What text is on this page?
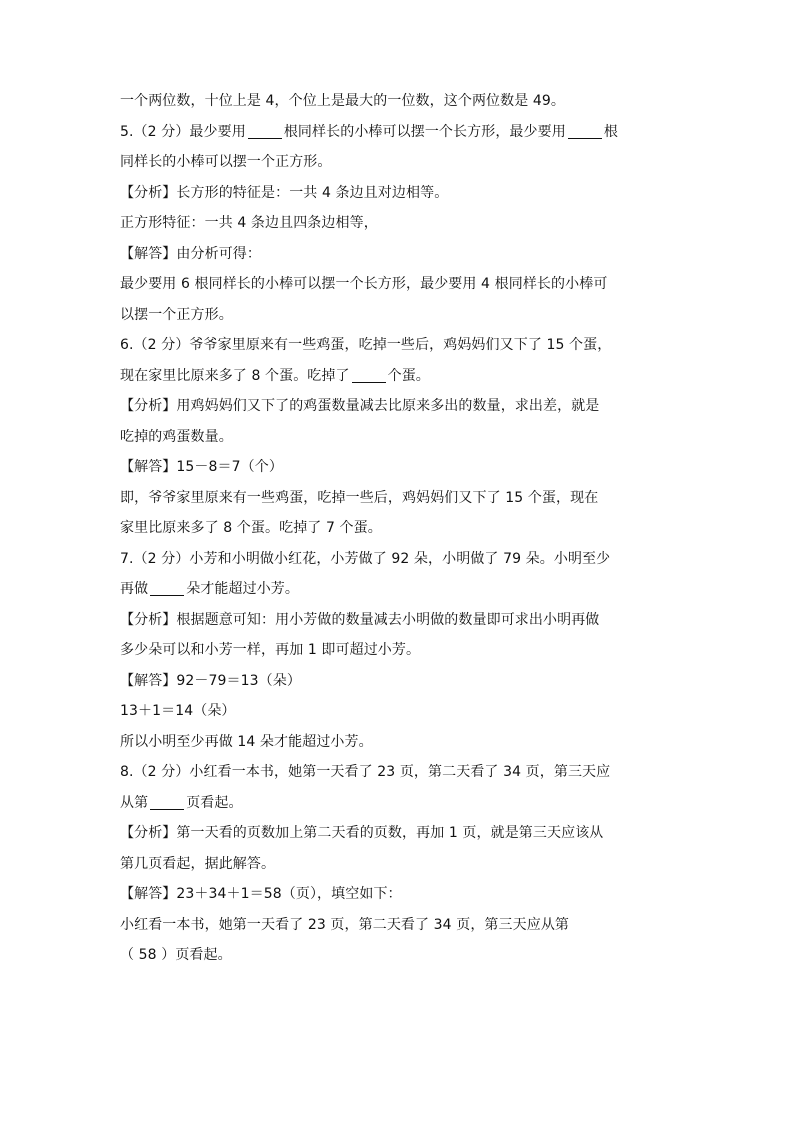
一个两位数，十位上是 4，个位上是最大的一位数，这个两位数是 49。
5.（2 分）最少要用	根同样长的小棒可以摆一个长方形，最少要用	根
同样长的小棒可以摆一个正方形。
【分析】长方形的特征是：一共 4 条边且对边相等。
正方形特征：一共 4 条边且四条边相等，
【解答】由分析可得：
最少要用 6 根同样长的小棒可以摆一个长方形，最少要用 4 根同样长的小棒可
以摆一个正方形。
6.（2 分）爷爷家里原来有一些鸡蛋，吃掉一些后，鸡妈妈们又下了 15 个蛋，
现在家里比原来多了 8 个蛋。吃掉了	个蛋。
【分析】用鸡妈妈们又下了的鸡蛋数量减去比原来多出的数量，求出差，就是
吃掉的鸡蛋数量。
【解答】15－8＝7（个）
即，爷爷家里原来有一些鸡蛋，吃掉一些后，鸡妈妈们又下了 15 个蛋，现在
家里比原来多了 8 个蛋。吃掉了 7 个蛋。
7.（2 分）小芳和小明做小红花，小芳做了 92 朵，小明做了 79 朵。小明至少
再做	朵才能超过小芳。
【分析】根据题意可知：用小芳做的数量减去小明做的数量即可求出小明再做
多少朵可以和小芳一样，再加 1 即可超过小芳。
【解答】92－79＝13（朵）
13＋1＝14（朵）
所以小明至少再做 14 朵才能超过小芳。
8.（2 分）小红看一本书，她第一天看了 23 页，第二天看了 34 页，第三天应
从第	页看起。
【分析】第一天看的页数加上第二天看的页数，再加 1 页，就是第三天应该从
第几页看起，据此解答。
【解答】23＋34＋1＝58（页），填空如下：
小红看一本书，她第一天看了 23 页，第二天看了 34 页，第三天应从第
（ 58 ）页看起。
